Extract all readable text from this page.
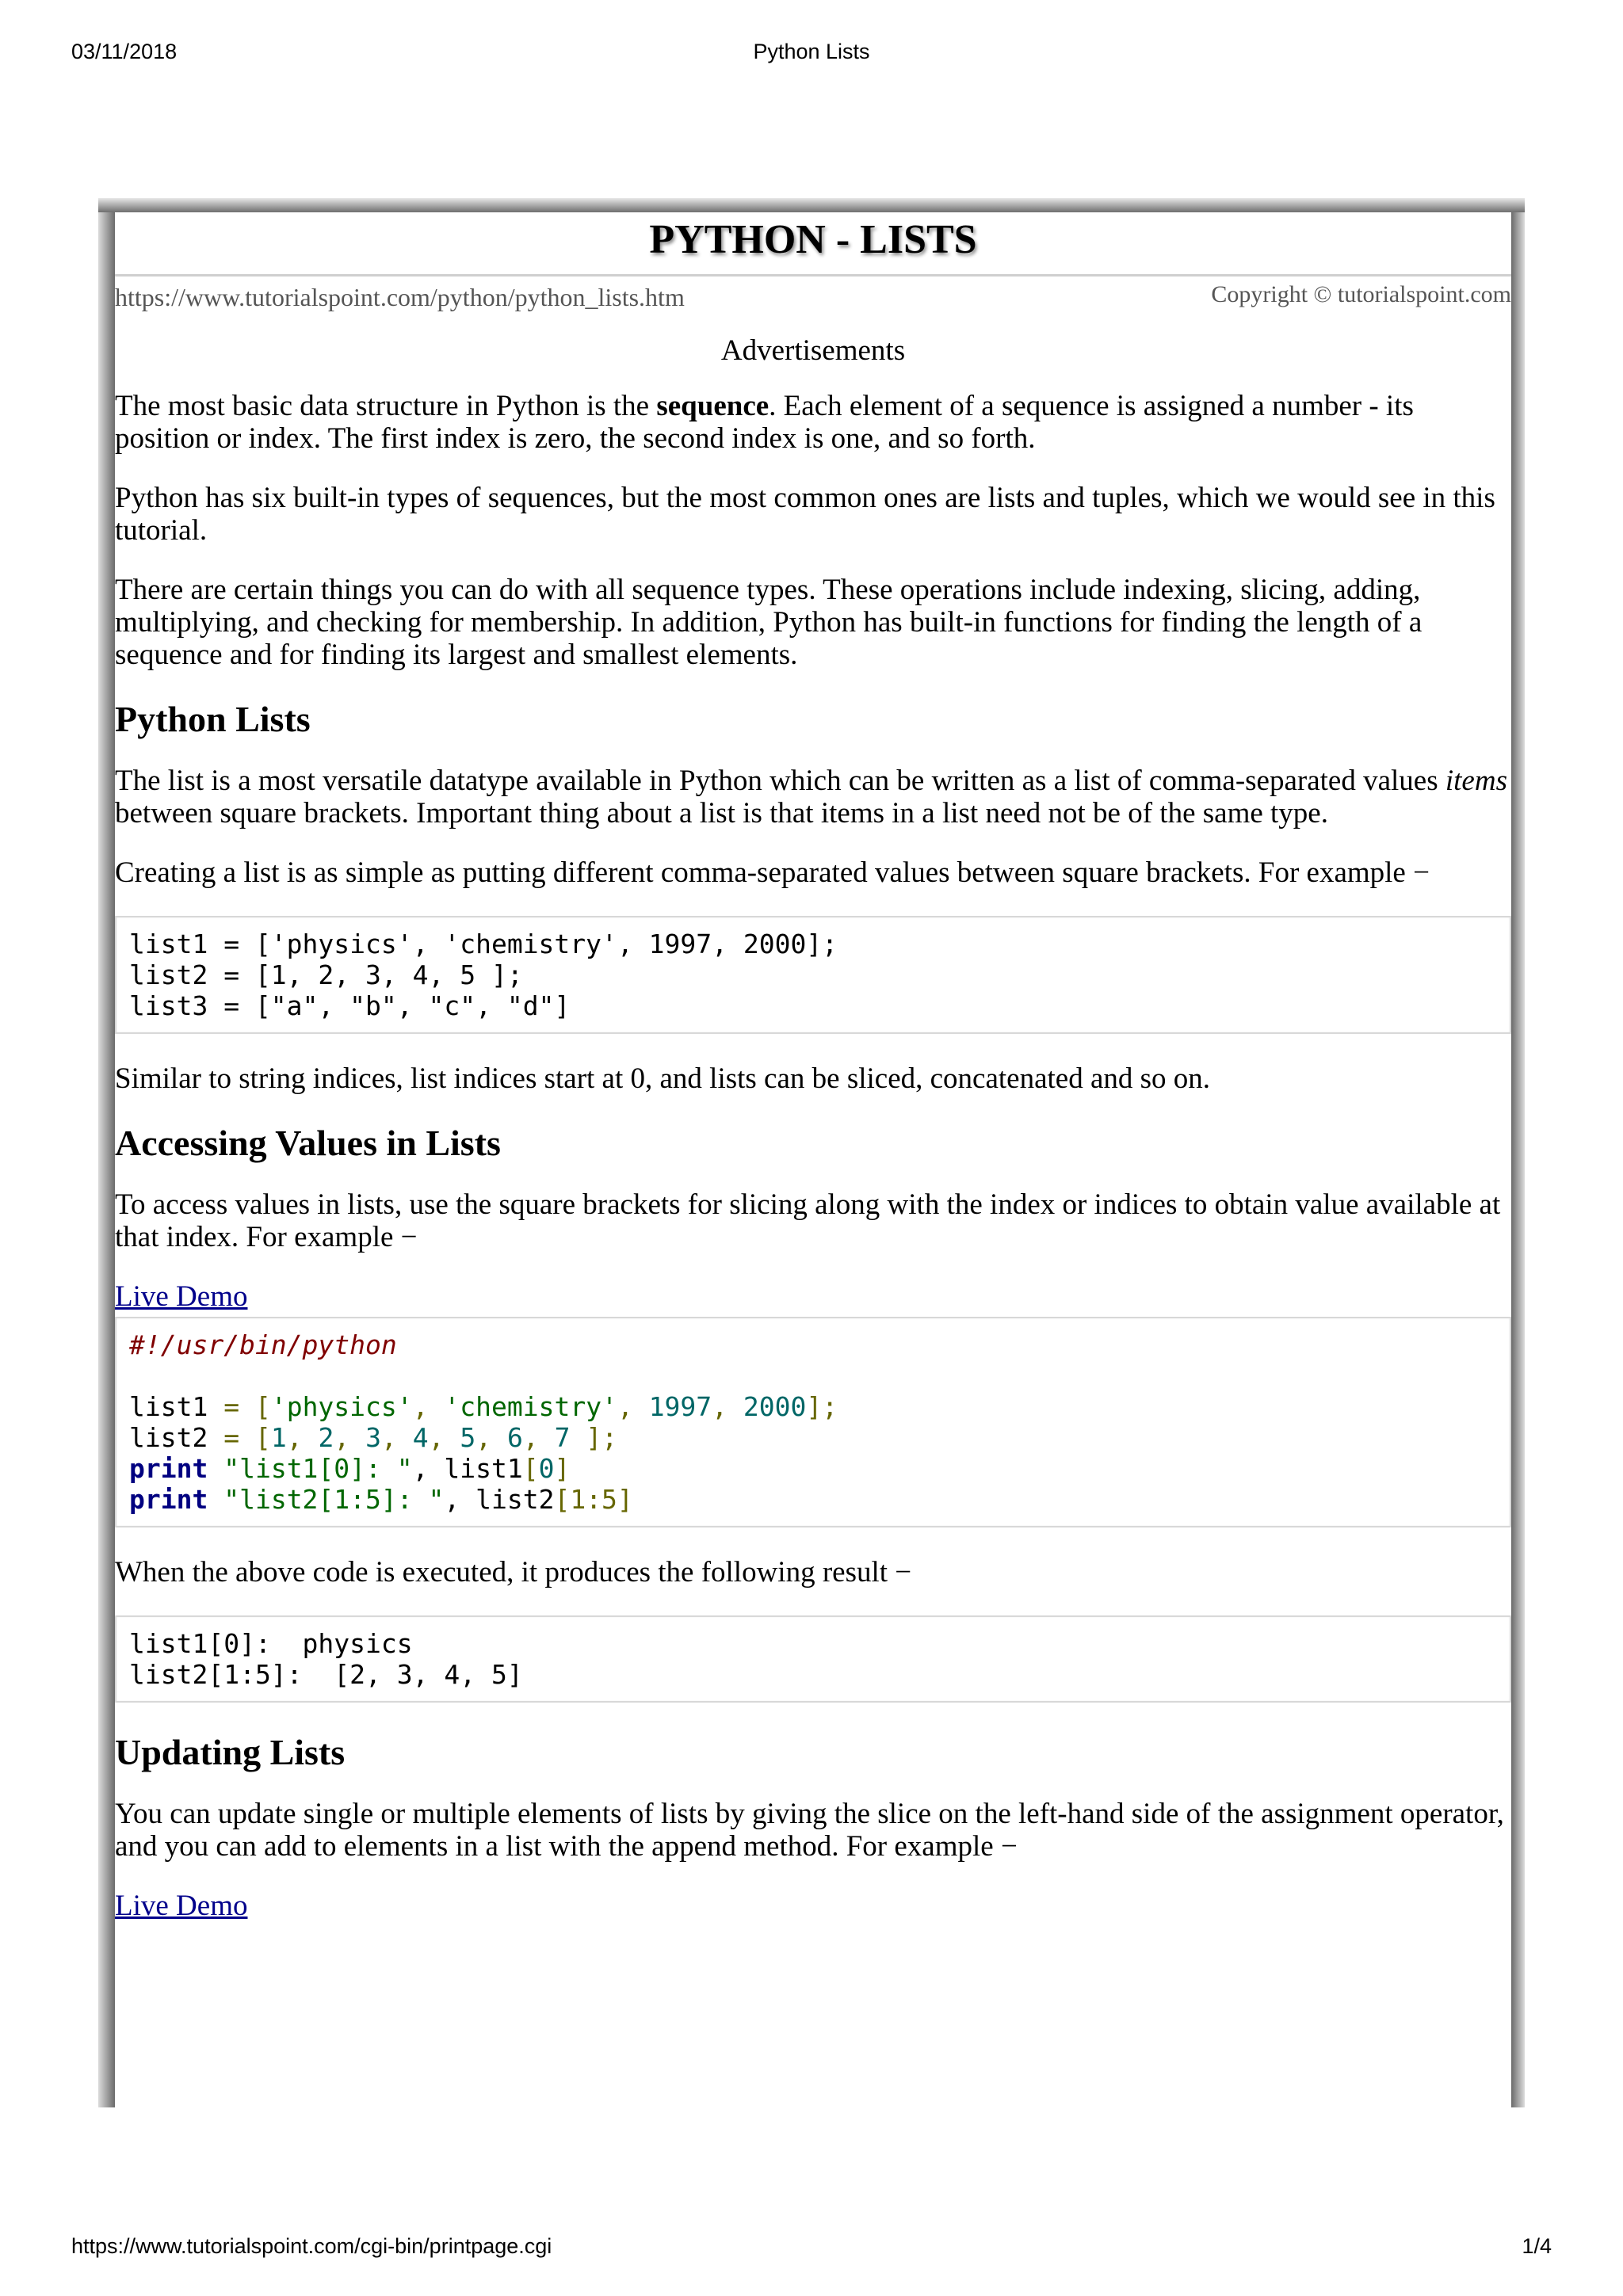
03/11/2018	Python Lists
PYTHON - LISTS
https://www.tutorialspoint.com/python/python_lists.htm	Copyright © tutorialspoint.com
Advertisements

The most basic data structure in Python is the sequence. Each element of a sequence is assigned a number - its position or index. The first index is zero, the second index is one, and so forth.

Python has six built-in types of sequences, but the most common ones are lists and tuples, which we would see in this tutorial.

There are certain things you can do with all sequence types. These operations include indexing, slicing, adding, multiplying, and checking for membership. In addition, Python has built-in functions for finding the length of a sequence and for finding its largest and smallest elements.

Python Lists

The list is a most versatile datatype available in Python which can be written as a list of comma-separated values items between square brackets. Important thing about a list is that items in a list need not be of the same type.

Creating a list is as simple as putting different comma-separated values between square brackets. For example −

list1 = ['physics', 'chemistry', 1997, 2000];
list2 = [1, 2, 3, 4, 5 ];
list3 = ["a", "b", "c", "d"]

Similar to string indices, list indices start at 0, and lists can be sliced, concatenated and so on.

Accessing Values in Lists

To access values in lists, use the square brackets for slicing along with the index or indices to obtain value available at that index. For example −

Live Demo
#!/usr/bin/python
list1 = ['physics', 'chemistry', 1997, 2000];
list2 = [1, 2, 3, 4, 5, 6, 7 ];
print "list1[0]: ", list1[0]
print "list2[1:5]: ", list2[1:5]

When the above code is executed, it produces the following result −

list1[0]:  physics
list2[1:5]:  [2, 3, 4, 5]
Updating Lists

You can update single or multiple elements of lists by giving the slice on the left-hand side of the assignment operator, and you can add to elements in a list with the append method. For example −

Live Demo
https://www.tutorialspoint.com/cgi-bin/printpage.cgi	1/4
